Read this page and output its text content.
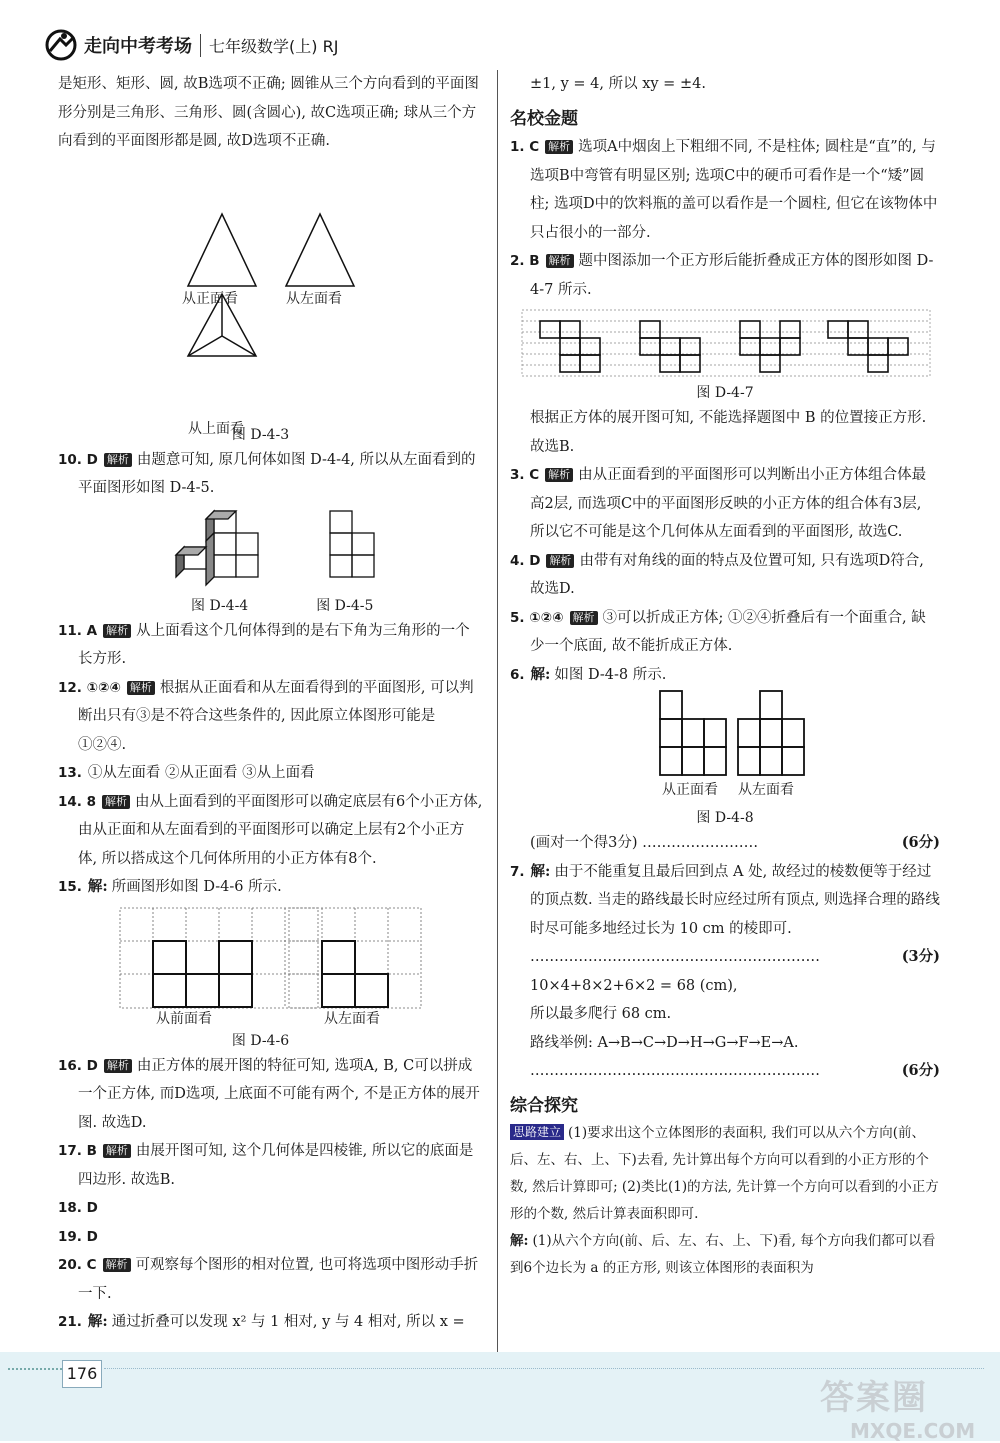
走向中考考场	七年级数学(上) RJ

是矩形、矩形、圆, 故B选项不正确; 圆锥从三个方向看到的平面图形分别是三角形、三角形、圆(含圆心), 故C选项正确; 球从三个方向看到的平面图形都是圆, 故D选项不正确.

从正面看	从左面看
从上面看
图 D-4-3

10. D 解析 由题意可知, 原几何体如图 D-4-4, 所以从左面看到的平面图形如图 D-4-5.

图 D-4-4	图 D-4-5

11. A 解析 从上面看这个几何体得到的是右下角为三角形的一个长方形.

12. ①②④ 解析 根据从正面看和从左面看得到的平面图形, 可以判断出只有③是不符合这些条件的, 因此原立体图形可能是①②④.

13. ①从左面看 ②从正面看 ③从上面看

14. 8 解析 由从上面看到的平面图形可以确定底层有6个小正方体, 由从正面和从左面看到的平面图形可以确定上层有2个小正方体, 所以搭成这个几何体所用的小正方体有8个.

15. 解: 所画图形如图 D-4-6 所示.

从前面看	从左面看
图 D-4-6

16. D 解析 由正方体的展开图的特征可知, 选项A, B, C可以拼成一个正方体, 而D选项, 上底面不可能有两个, 不是正方体的展开图. 故选D.

17. B 解析 由展开图可知, 这个几何体是四棱锥, 所以它的底面是四边形. 故选B.

18. D

19. D

20. C 解析 可观察每个图形的相对位置, 也可将选项中图形动手折一下.

21. 解: 通过折叠可以发现 x² 与 1 相对, y 与 4 相对, 所以 x =

±1, y = 4, 所以 xy = ±4.

名校金题

1. C 解析 选项A中烟囱上下粗细不同, 不是柱体; 圆柱是“直”的, 与选项B中弯管有明显区别; 选项C中的硬币可看作是一个“矮”圆柱; 选项D中的饮料瓶的盖可以看作是一个圆柱, 但它在该物体中只占很小的一部分.

2. B 解析 题中图添加一个正方形后能折叠成正方体的图形如图 D-4-7 所示.

图 D-4-7

根据正方体的展开图可知, 不能选择题图中 B 的位置接正方形. 故选B.

3. C 解析 由从正面看到的平面图形可以判断出小正方体组合体最高2层, 而选项C中的平面图形反映的小正方体的组合体有3层, 所以它不可能是这个几何体从左面看到的平面图形, 故选C.

4. D 解析 由带有对角线的面的特点及位置可知, 只有选项D符合, 故选D.

5. ①②④ 解析 ③可以折成正方体; ①②④折叠后有一个面重合, 缺少一个底面, 故不能折成正方体.

6. 解: 如图 D-4-8 所示.

从正面看 从左面看
图 D-4-8

(画对一个得3分) ……………………	(6分)

7. 解: 由于不能重复且最后回到点 A 处, 故经过的棱数便等于经过的顶点数. 当走的路线最长时应经过所有顶点, 则选择合理的路线时尽可能多地经过长为 10 cm 的棱即可.

……………………………………………………	(3分)

10×4+8×2+6×2 = 68 (cm),

所以最多爬行 68 cm.

路线举例: A→B→C→D→H→G→F→E→A.

……………………………………………………	(6分)

综合探究

思路建立 (1)要求出这个立体图形的表面积, 我们可以从六个方向(前、后、左、右、上、下)去看, 先计算出每个方向可以看到的小正方形的个数, 然后计算即可; (2)类比(1)的方法, 先计算一个方向可以看到的小正方形的个数, 然后计算表面积即可.

解: (1)从六个方向(前、后、左、右、上、下)看, 每个方向我们都可以看到6个边长为 a 的正方形, 则该立体图形的表面积为

176
答案圈
MXQE.COM
